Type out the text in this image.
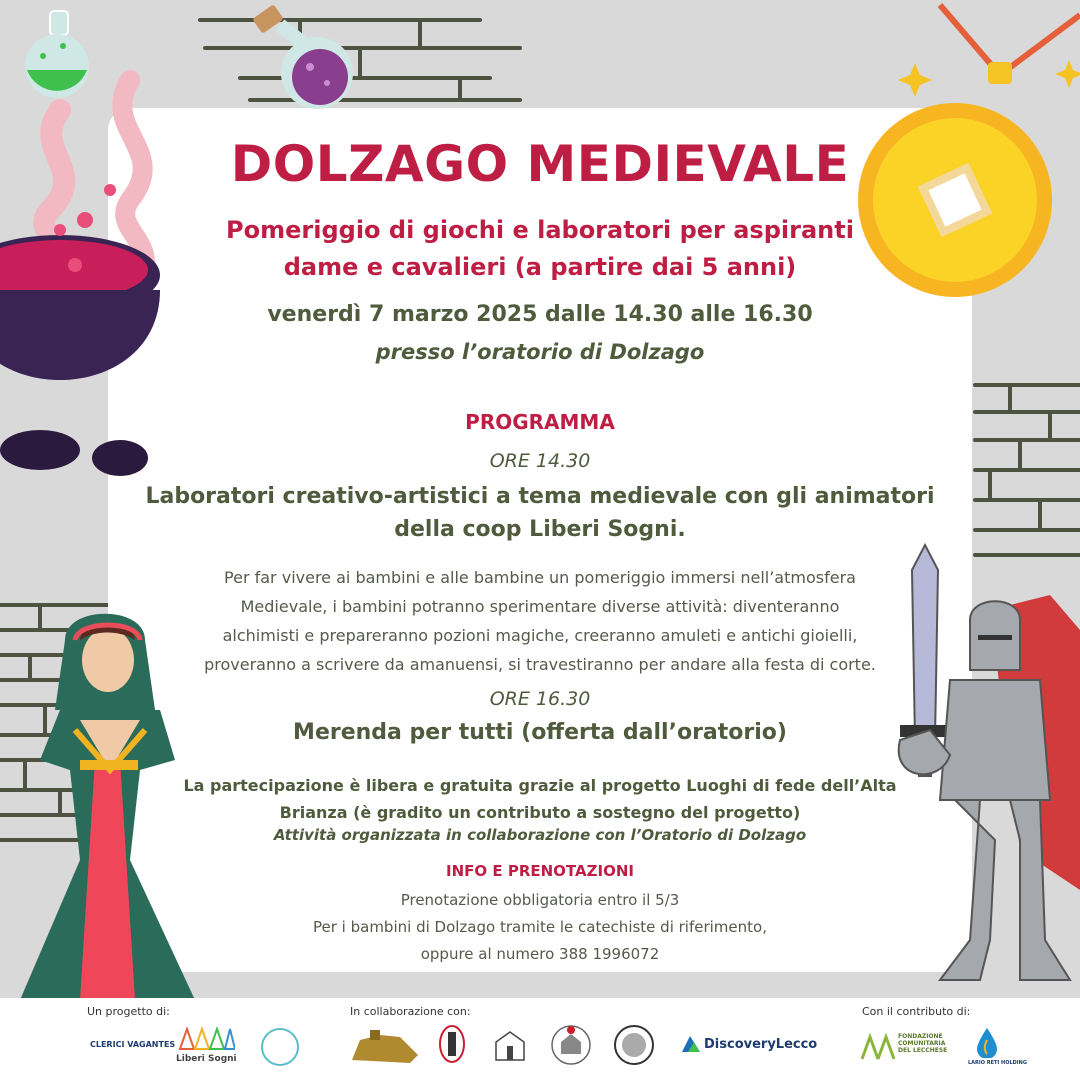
DOLZAGO MEDIEVALE
Pomeriggio di giochi e laboratori per aspiranti
dame e cavalieri (a partire dai 5 anni)
venerdì 7 marzo 2025 dalle 14.30 alle 16.30
presso l’oratorio di Dolzago
PROGRAMMA
ORE 14.30
Laboratori creativo-artistici a tema medievale con gli animatori della coop Liberi Sogni.
Per far vivere ai bambini e alle bambine un pomeriggio immersi nell’atmosfera
Medievale, i bambini potranno sperimentare diverse attività: diventeranno
alchimisti e prepareranno pozioni magiche, creeranno amuleti e antichi gioielli,
proveranno a scrivere da amanuensi, si travestiranno per andare alla festa di corte.
ORE 16.30
Merenda per tutti (offerta dall’oratorio)
La partecipazione è libera e gratuita grazie al progetto Luoghi di fede dell’Alta
Brianza (è gradito un contributo a sostegno del progetto)
Attività organizzata in collaborazione con l’Oratorio di Dolzago
INFO E PRENOTAZIONI
Prenotazione obbligatoria entro il 5/3
Per i bambini di Dolzago tramite le catechiste di riferimento,
oppure al numero 388 1996072
Un progetto di:	In collaborazione con:	Con il contributo di:
CLERICI VAGANTES
Liberi Sogni
DiscoveryLecco
FONDAZIONE
COMUNITARIA
DEL LECCHESE
LARIO RETI HOLDING
